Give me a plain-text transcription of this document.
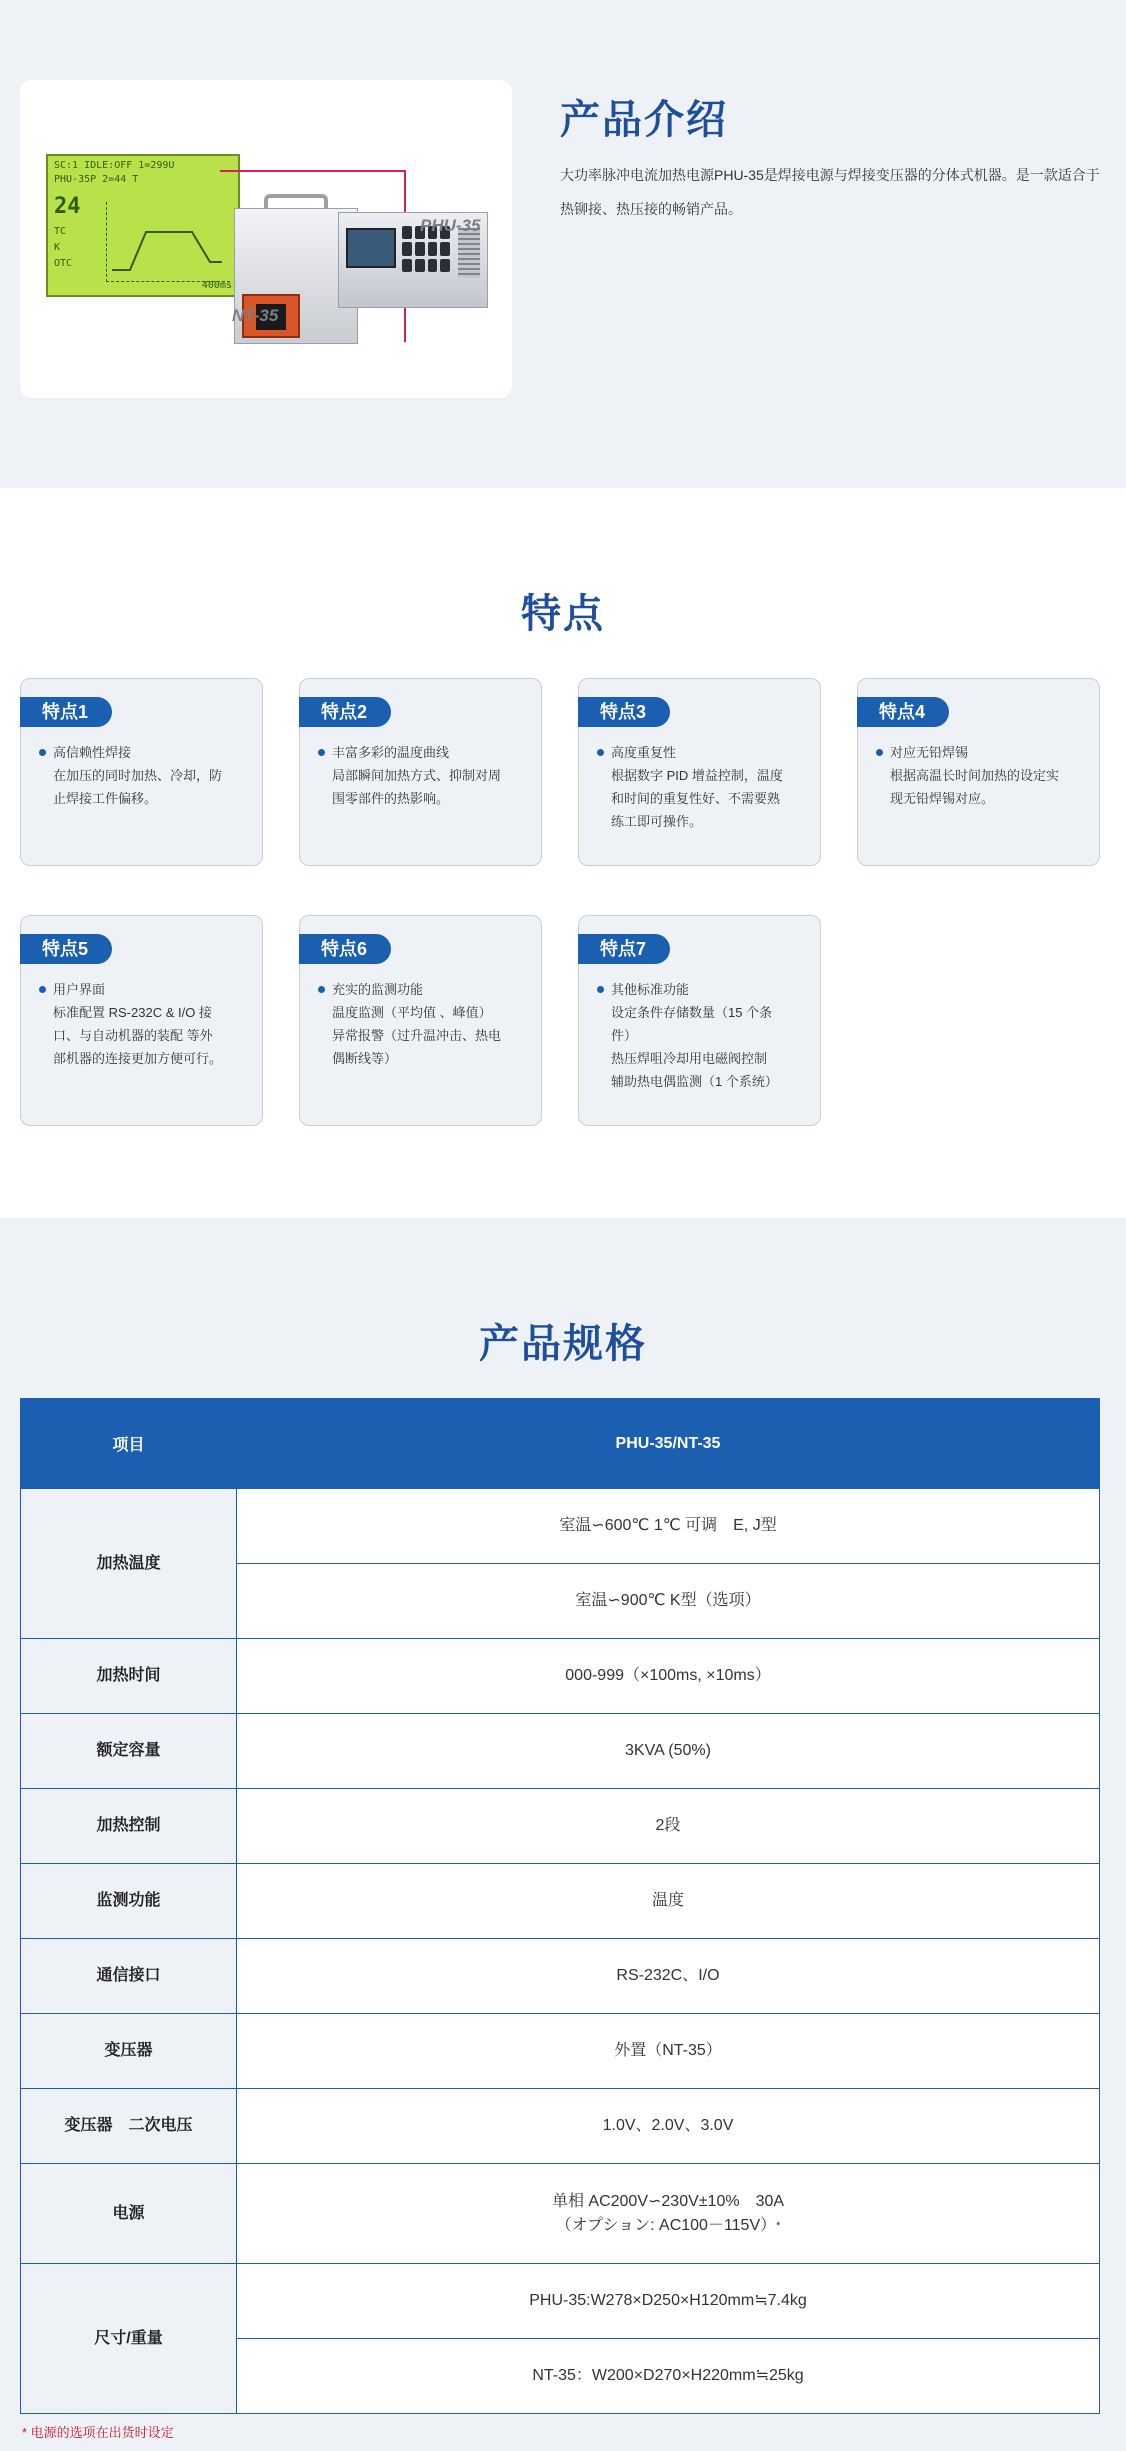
SC:1 IDLE:OFF 1=299U
PHU-35P 2=44 T
24
TC
K
OTC
400ms
NT-35
PHU-35
产品介绍

大功率脉冲电流加热电源PHU-35是焊接电源与焊接变压器的分体式机器。是一款适合于热铆接、热压接的畅销产品。

特点
特点1
高信赖性焊接
在加压的同时加热、冷却，防
止焊接工件偏移。
特点2
丰富多彩的温度曲线
局部瞬间加热方式、抑制对周
围零部件的热影响。
特点3
高度重复性
根据数字 PID 增益控制，温度
和时间的重复性好、不需要熟
练工即可操作。
特点4
对应无铅焊锡
根据高温长时间加热的设定实
现无铅焊锡对应。
特点5
用户界面
标准配置 RS-232C & I/O 接
口、与自动机器的装配 等外
部机器的连接更加方便可行。
特点6
充实的监测功能
温度监测（平均值 、峰值）
异常报警（过升温冲击、热电
偶断线等）
特点7
其他标准功能
设定条件存储数量（15 个条
件）
热压焊咀冷却用电磁阀控制
辅助热电偶监测（1 个系统）
产品规格
项目	PHU-35/NT-35
加热温度	室温∽600℃ 1℃ 可调　E, J型
	室温∽900℃ K型（选项）
加热时间	000-999（×100ms, ×10ms）
额定容量	3KVA (50%)
加热控制	2段
监测功能	温度
通信接口	RS-232C、I/O
变压器	外置（NT-35）
变压器　二次电压	1.0V、2.0V、3.0V
电源	单相 AC200V∽230V±10%　30A
（オプション: AC100－115V）*

尺寸/重量	PHU-35:W278×D250×H120mm≒7.4kg
	NT-35：W200×D270×H220mm≒25kg
* 电源的选项在出货时设定
